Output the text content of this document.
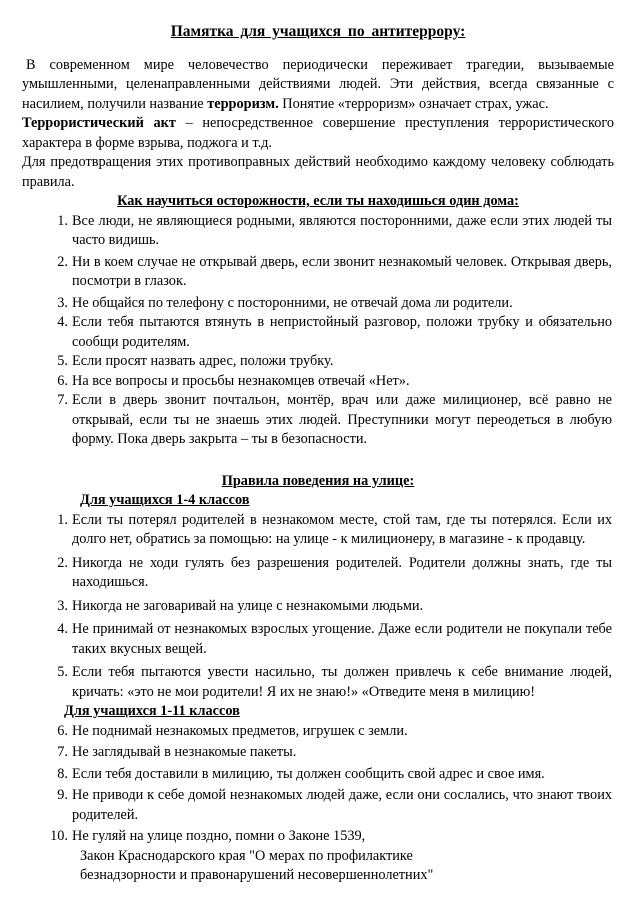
Памятка для учащихся по антитеррору:

В современном мире человечество периодически переживает трагедии, вызываемые умышленными, целенаправленными действиями людей. Эти действия, всегда связанные с насилием, получили название терроризм. Понятие «терроризм» означает страх, ужас.

Террористический акт – непосредственное совершение преступления террористического характера в форме взрыва, поджога и т.д.

Для предотвращения этих противоправных действий необходимо каждому человеку соблюдать правила.

Как научиться осторожности, если ты находишься один дома:
1. Все люди, не являющиеся родными, являются посторонними, даже если этих людей ты часто видишь.
2. Ни в коем случае не открывай дверь, если звонит незнакомый человек. Открывая дверь, посмотри в глазок.
3. Не общайся по телефону с посторонними, не отвечай дома ли родители.
4. Если тебя пытаются втянуть в непристойный разговор, положи трубку и обязательно сообщи родителям.
5. Если просят назвать адрес, положи трубку.
6. На все вопросы и просьбы незнакомцев отвечай «Нет».
7. Если в дверь звонит почтальон, монтёр, врач или даже милиционер, всё равно не открывай, если ты не знаешь этих людей. Преступники могут переодеться в любую форму. Пока дверь закрыта – ты в безопасности.
Правила поведения на улице:
Для учащихся 1-4 классов
1. Если ты потерял родителей в незнакомом месте, стой там, где ты потерялся. Если их долго нет, обратись за помощью: на улице - к милиционеру, в магазине - к продавцу.
2. Никогда не ходи гулять без разрешения родителей. Родители должны знать, где ты находишься.
3. Никогда не заговаривай на улице с незнакомыми людьми.
4. Не принимай от незнакомых взрослых угощение. Даже если родители не покупали тебе таких вкусных вещей.
5. Если тебя пытаются увести насильно, ты должен привлечь к себе внимание людей, кричать: «это не мои родители! Я их не знаю!» «Отведите меня в милицию!
Для учащихся 1-11 классов
6. Не поднимай незнакомых предметов, игрушек с земли.
7. Не заглядывай в незнакомые пакеты.
8. Если тебя доставили в милицию, ты должен сообщить свой адрес и свое имя.
9. Не приводи к себе домой незнакомых людей даже, если они сослались, что знают твоих родителей.
10. Не гуляй на улице поздно, помни о Законе 1539,
Закон Краснодарского края "О мерах по профилактике
безнадзорности и правонарушений несовершеннолетних"
